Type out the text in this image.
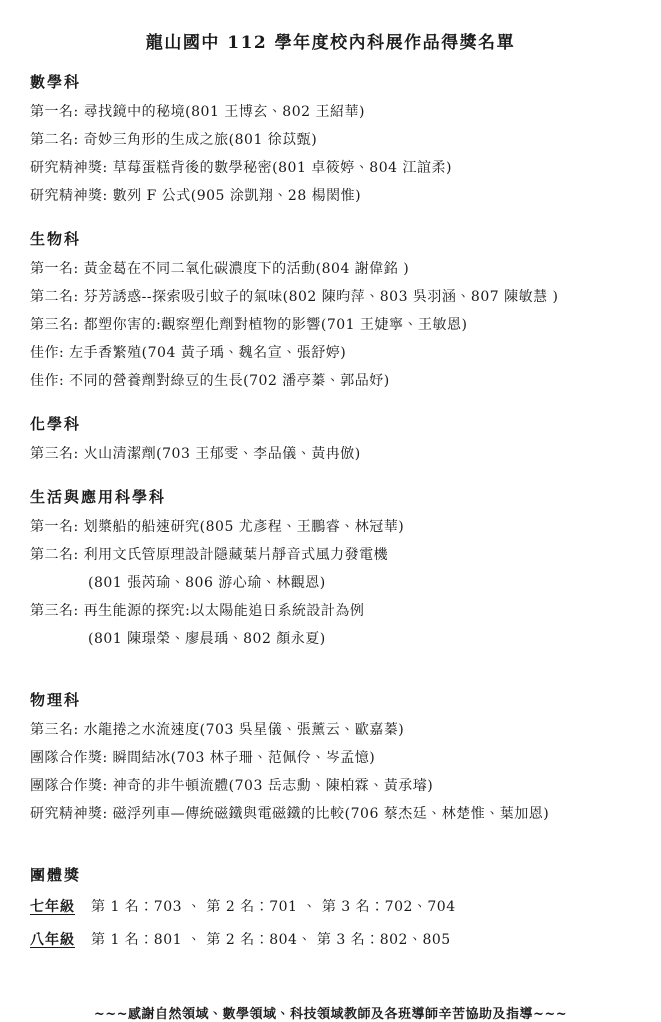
龍山國中 112 學年度校內科展作品得獎名單
數學科
第一名: 尋找鏡中的秘境(801 王博玄、802 王紹華)
第二名: 奇妙三角形的生成之旅(801 徐苡甄)
研究精神獎: 草莓蛋糕背後的數學秘密(801 卓筱婷、804 江誼柔)
研究精神獎: 數列 F 公式(905 涂凱翔、28 楊閎惟)
生物科
第一名: 黃金葛在不同二氧化碳濃度下的活動(804 謝偉銘 )
第二名: 芬芳誘惑--探索吸引蚊子的氣味(802 陳昀萍、803 吳羽涵、807 陳敏慧 )
第三名: 都塑你害的:觀察塑化劑對植物的影響(701 王婕寧、王敏恩)
佳作: 左手香繁殖(704 黃子瑀、魏名宣、張舒婷)
佳作: 不同的營養劑對綠豆的生長(702 潘亭蓁、郭品妤)
化學科
第三名: 火山清潔劑(703 王郁雯、李品儀、黃冉倣)
生活與應用科學科
第一名: 划槳船的船速研究(805 尤彥程、王鵬睿、林冠華)
第二名: 利用文氏管原理設計隱藏葉片靜音式風力發電機
(801 張芮瑜、806 游心瑜、林觀恩)
第三名: 再生能源的探究:以太陽能追日系統設計為例
(801 陳璟榮、廖晨瑀、802 顏永夏)
物理科
第三名: 水龍捲之水流速度(703 吳星儀、張薰云、歐嘉蓁)
團隊合作獎: 瞬間結冰(703 林子珊、范佩伶、岑孟憶)
團隊合作獎: 神奇的非牛頓流體(703 岳志勳、陳柏霖、黃承璿)
研究精神獎: 磁浮列車—傳統磁鐵與電磁鐵的比較(706 蔡杰廷、林楚惟、葉加恩)
團體獎
七年級 第 1 名：703 、 第 2 名：701 、 第 3 名：702、704
八年級 第 1 名：801 、 第 2 名：804、 第 3 名：802、805
~~~感謝自然領域、數學領域、科技領域教師及各班導師辛苦協助及指導~~~
